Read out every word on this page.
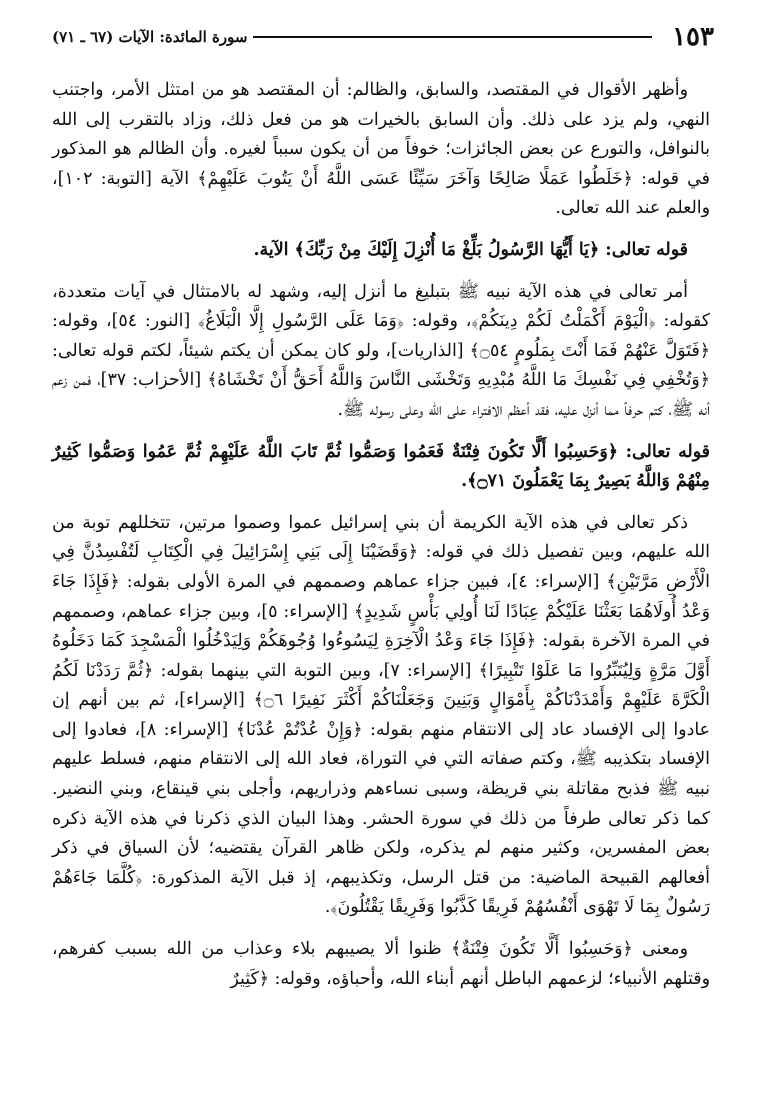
١٥٣
سورة المائدة: الآيات (٦٧ ـ ٧١)

وأظهر الأقوال في المقتصد، والسابق، والظالم: أن المقتصد هو من امتثل الأمر، واجتنب النهي، ولم يزد على ذلك. وأن السابق بالخيرات هو من فعل ذلك، وزاد بالتقرب إلى الله بالنوافل، والتورع عن بعض الجائزات؛ خوفاً من أن يكون سبباً لغيره. وأن الظالم هو المذكور في قوله: ﴿خَلَطُوا عَمَلًا صَالِحًا وَآخَرَ سَيِّئًا عَسَى اللَّهُ أَنْ يَتُوبَ عَلَيْهِمْ﴾ الآية [التوبة: ١٠٢]، والعلم عند الله تعالى.

قوله تعالى: ﴿يَا أَيُّهَا الرَّسُولُ بَلِّغْ مَا أُنْزِلَ إِلَيْكَ مِنْ رَبِّكَ﴾ الآية.

أمر تعالى في هذه الآية نبيه ﷺ بتبليغ ما أنزل إليه، وشهد له بالامتثال في آيات متعددة، كقوله: ﴿الْيَوْمَ أَكْمَلْتُ لَكُمْ دِينَكُمْ﴾، وقوله: ﴿وَمَا عَلَى الرَّسُولِ إِلَّا الْبَلَاغُ﴾ [النور: ٥٤]، وقوله: ﴿فَتَوَلَّ عَنْهُمْ فَمَا أَنْتَ بِمَلُومٍ ۝٥٤﴾ [الذاريات]، ولو كان يمكن أن يكتم شيئاً، لكتم قوله تعالى: ﴿وَتُخْفِي فِي نَفْسِكَ مَا اللَّهُ مُبْدِيهِ وَتَخْشَى النَّاسَ وَاللَّهُ أَحَقُّ أَنْ تَخْشَاهُ﴾ [الأحزاب: ٣٧]، فمن زعم أنه ﷺ، كتم حرفاً مما أنزل عليه، فقد أعظم الافتراء على الله وعلى رسوله ﷺ.

قوله تعالى: ﴿وَحَسِبُوا أَلَّا تَكُونَ فِتْنَةٌ فَعَمُوا وَصَمُّوا ثُمَّ تَابَ اللَّهُ عَلَيْهِمْ ثُمَّ عَمُوا وَصَمُّوا كَثِيرٌ مِنْهُمْ وَاللَّهُ بَصِيرٌ بِمَا يَعْمَلُونَ ۝٧١﴾.

ذكر تعالى في هذه الآية الكريمة أن بني إسرائيل عموا وصموا مرتين، تتخللهم توبة من الله عليهم، وبين تفصيل ذلك في قوله: ﴿وَقَضَيْنَا إِلَى بَنِي إِسْرَائِيلَ فِي الْكِتَابِ لَتُفْسِدُنَّ فِي الْأَرْضِ مَرَّتَيْنِ﴾ [الإسراء: ٤]، فبين جزاء عماهم وصممهم في المرة الأولى بقوله: ﴿فَإِذَا جَاءَ وَعْدُ أُولَاهُمَا بَعَثْنَا عَلَيْكُمْ عِبَادًا لَنَا أُولِي بَأْسٍ شَدِيدٍ﴾ [الإسراء: ٥]، وبين جزاء عماهم، وصممهم في المرة الآخرة بقوله: ﴿فَإِذَا جَاءَ وَعْدُ الْآخِرَةِ لِيَسُوءُوا وُجُوهَكُمْ وَلِيَدْخُلُوا الْمَسْجِدَ كَمَا دَخَلُوهُ أَوَّلَ مَرَّةٍ وَلِيُتَبِّرُوا مَا عَلَوْا تَتْبِيرًا﴾ [الإسراء: ٧]، وبين التوبة التي بينهما بقوله: ﴿ثُمَّ رَدَدْنَا لَكُمُ الْكَرَّةَ عَلَيْهِمْ وَأَمْدَدْنَاكُمْ بِأَمْوَالٍ وَبَنِينَ وَجَعَلْنَاكُمْ أَكْثَرَ نَفِيرًا ۝٦﴾ [الإسراء]، ثم بين أنهم إن عادوا إلى الإفساد عاد إلى الانتقام منهم بقوله: ﴿وَإِنْ عُدْتُمْ عُدْنَا﴾ [الإسراء: ٨]، فعادوا إلى الإفساد بتكذيبه ﷺ، وكتم صفاته التي في التوراة، فعاد الله إلى الانتقام منهم، فسلط عليهم نبيه ﷺ فذبح مقاتلة بني قريظة، وسبى نساءهم وذراريهم، وأجلى بني قينقاع، وبني النضير. كما ذكر تعالى طرفاً من ذلك في سورة الحشر. وهذا البيان الذي ذكرنا في هذه الآية ذكره بعض المفسرين، وكثير منهم لم يذكره، ولكن ظاهر القرآن يقتضيه؛ لأن السياق في ذكر أفعالهم القبيحة الماضية: من قتل الرسل، وتكذيبهم، إذ قبل الآية المذكورة: ﴿كُلَّمَا جَاءَهُمْ رَسُولٌ بِمَا لَا تَهْوَى أَنْفُسُهُمْ فَرِيقًا كَذَّبُوا وَفَرِيقًا يَقْتُلُونَ﴾.

ومعنى ﴿وَحَسِبُوا أَلَّا تَكُونَ فِتْنَةٌ﴾ ظنوا ألا يصيبهم بلاء وعذاب من الله بسبب كفرهم، وقتلهم الأنبياء؛ لزعمهم الباطل أنهم أبناء الله، وأحباؤه، وقوله: ﴿كَثِيرٌ
